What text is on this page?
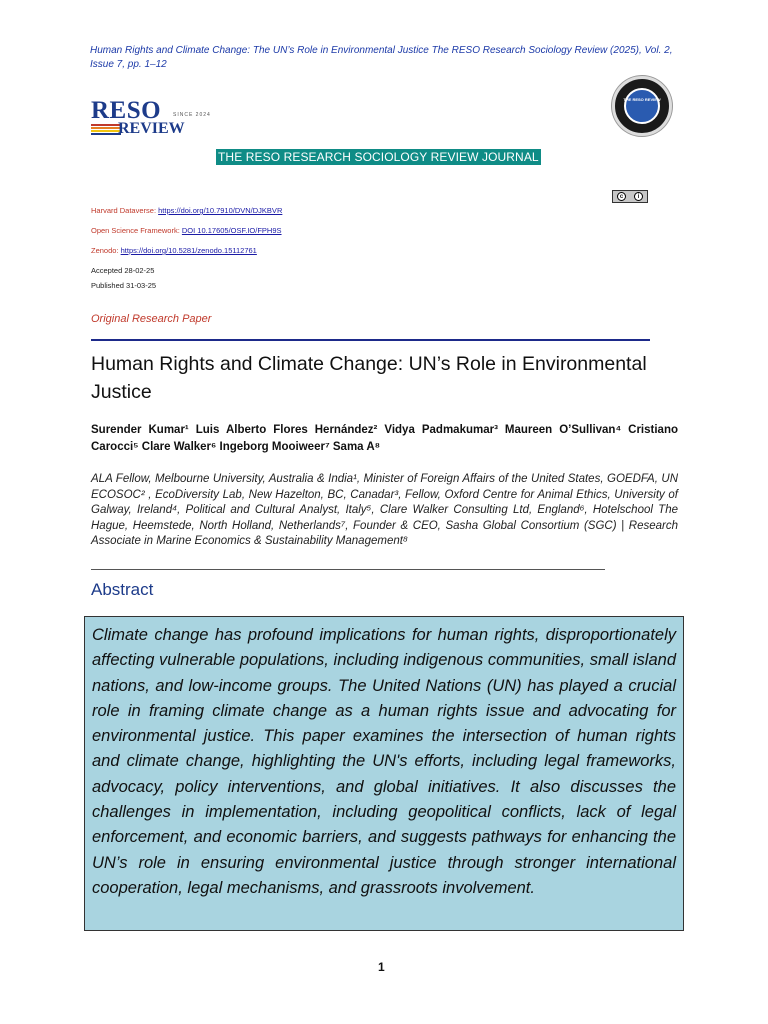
Human Rights and Climate Change: The UN’s Role in Environmental Justice The RESO Research Sociology Review (2025), Vol. 2, Issue 7, pp. 1–12
RESO SINCE 2024
REVIEW
THE RESO REVIEW
THE RESO RESEARCH SOCIOLOGY REVIEW JOURNAL
c	i
Harvard Dataverse: https://doi.org/10.7910/DVN/DJKBVR
Open Science Framework: DOI 10.17605/OSF.IO/FPH9S
Zenodo: https://doi.org/10.5281/zenodo.15112761
Accepted 28-02-25
Published 31-03-25
Original Research Paper
Human Rights and Climate Change: UN’s Role in Environmental Justice
Surender Kumar¹ Luis Alberto Flores Hernández² Vidya Padmakumar³ Maureen O’Sullivan⁴ Cristiano Carocci⁵ Clare Walker⁶ Ingeborg Mooiweer⁷ Sama A⁸
ALA Fellow, Melbourne University, Australia & India¹, Minister of Foreign Affairs of the United States, GOEDFA, UN ECOSOC² , EcoDiversity Lab, New Hazelton, BC, Canadar³, Fellow, Oxford Centre for Animal Ethics, University of Galway, Ireland⁴, Political and Cultural Analyst, Italy⁵, Clare Walker Consulting Ltd, England⁶, Hotelschool The Hague, Heemstede, North Holland, Netherlands⁷, Founder & CEO, Sasha Global Consortium (SGC) | Research Associate in Marine Economics & Sustainability Management⁸
Abstract
Climate change has profound implications for human rights, disproportionately affecting vulnerable populations, including indigenous communities, small island nations, and low-income groups. The United Nations (UN) has played a crucial role in framing climate change as a human rights issue and advocating for environmental justice. This paper examines the intersection of human rights and climate change, highlighting the UN's efforts, including legal frameworks, advocacy, policy interventions, and global initiatives. It also discusses the challenges in implementation, including geopolitical conflicts, lack of legal enforcement, and economic barriers, and suggests pathways for enhancing the UN’s role in ensuring environmental justice through stronger international cooperation, legal mechanisms, and grassroots involvement.
1
